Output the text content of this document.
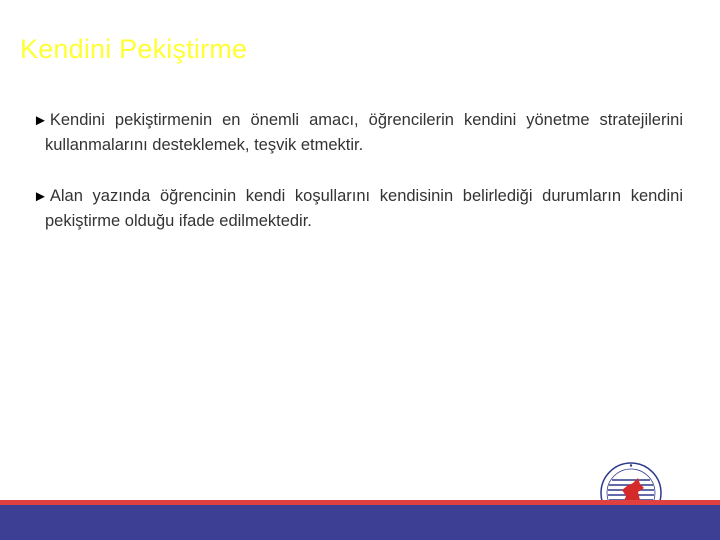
Kendini Pekiştirme

► Kendini pekiştirmenin en önemli amacı, öğrencilerin kendini yönetme stratejilerini kullanmalarını desteklemek, teşvik etmektir.

► Alan yazında öğrencinin kendi koşullarını kendisinin belirlediği durumların kendini pekiştirme olduğu ifade edilmektedir.
